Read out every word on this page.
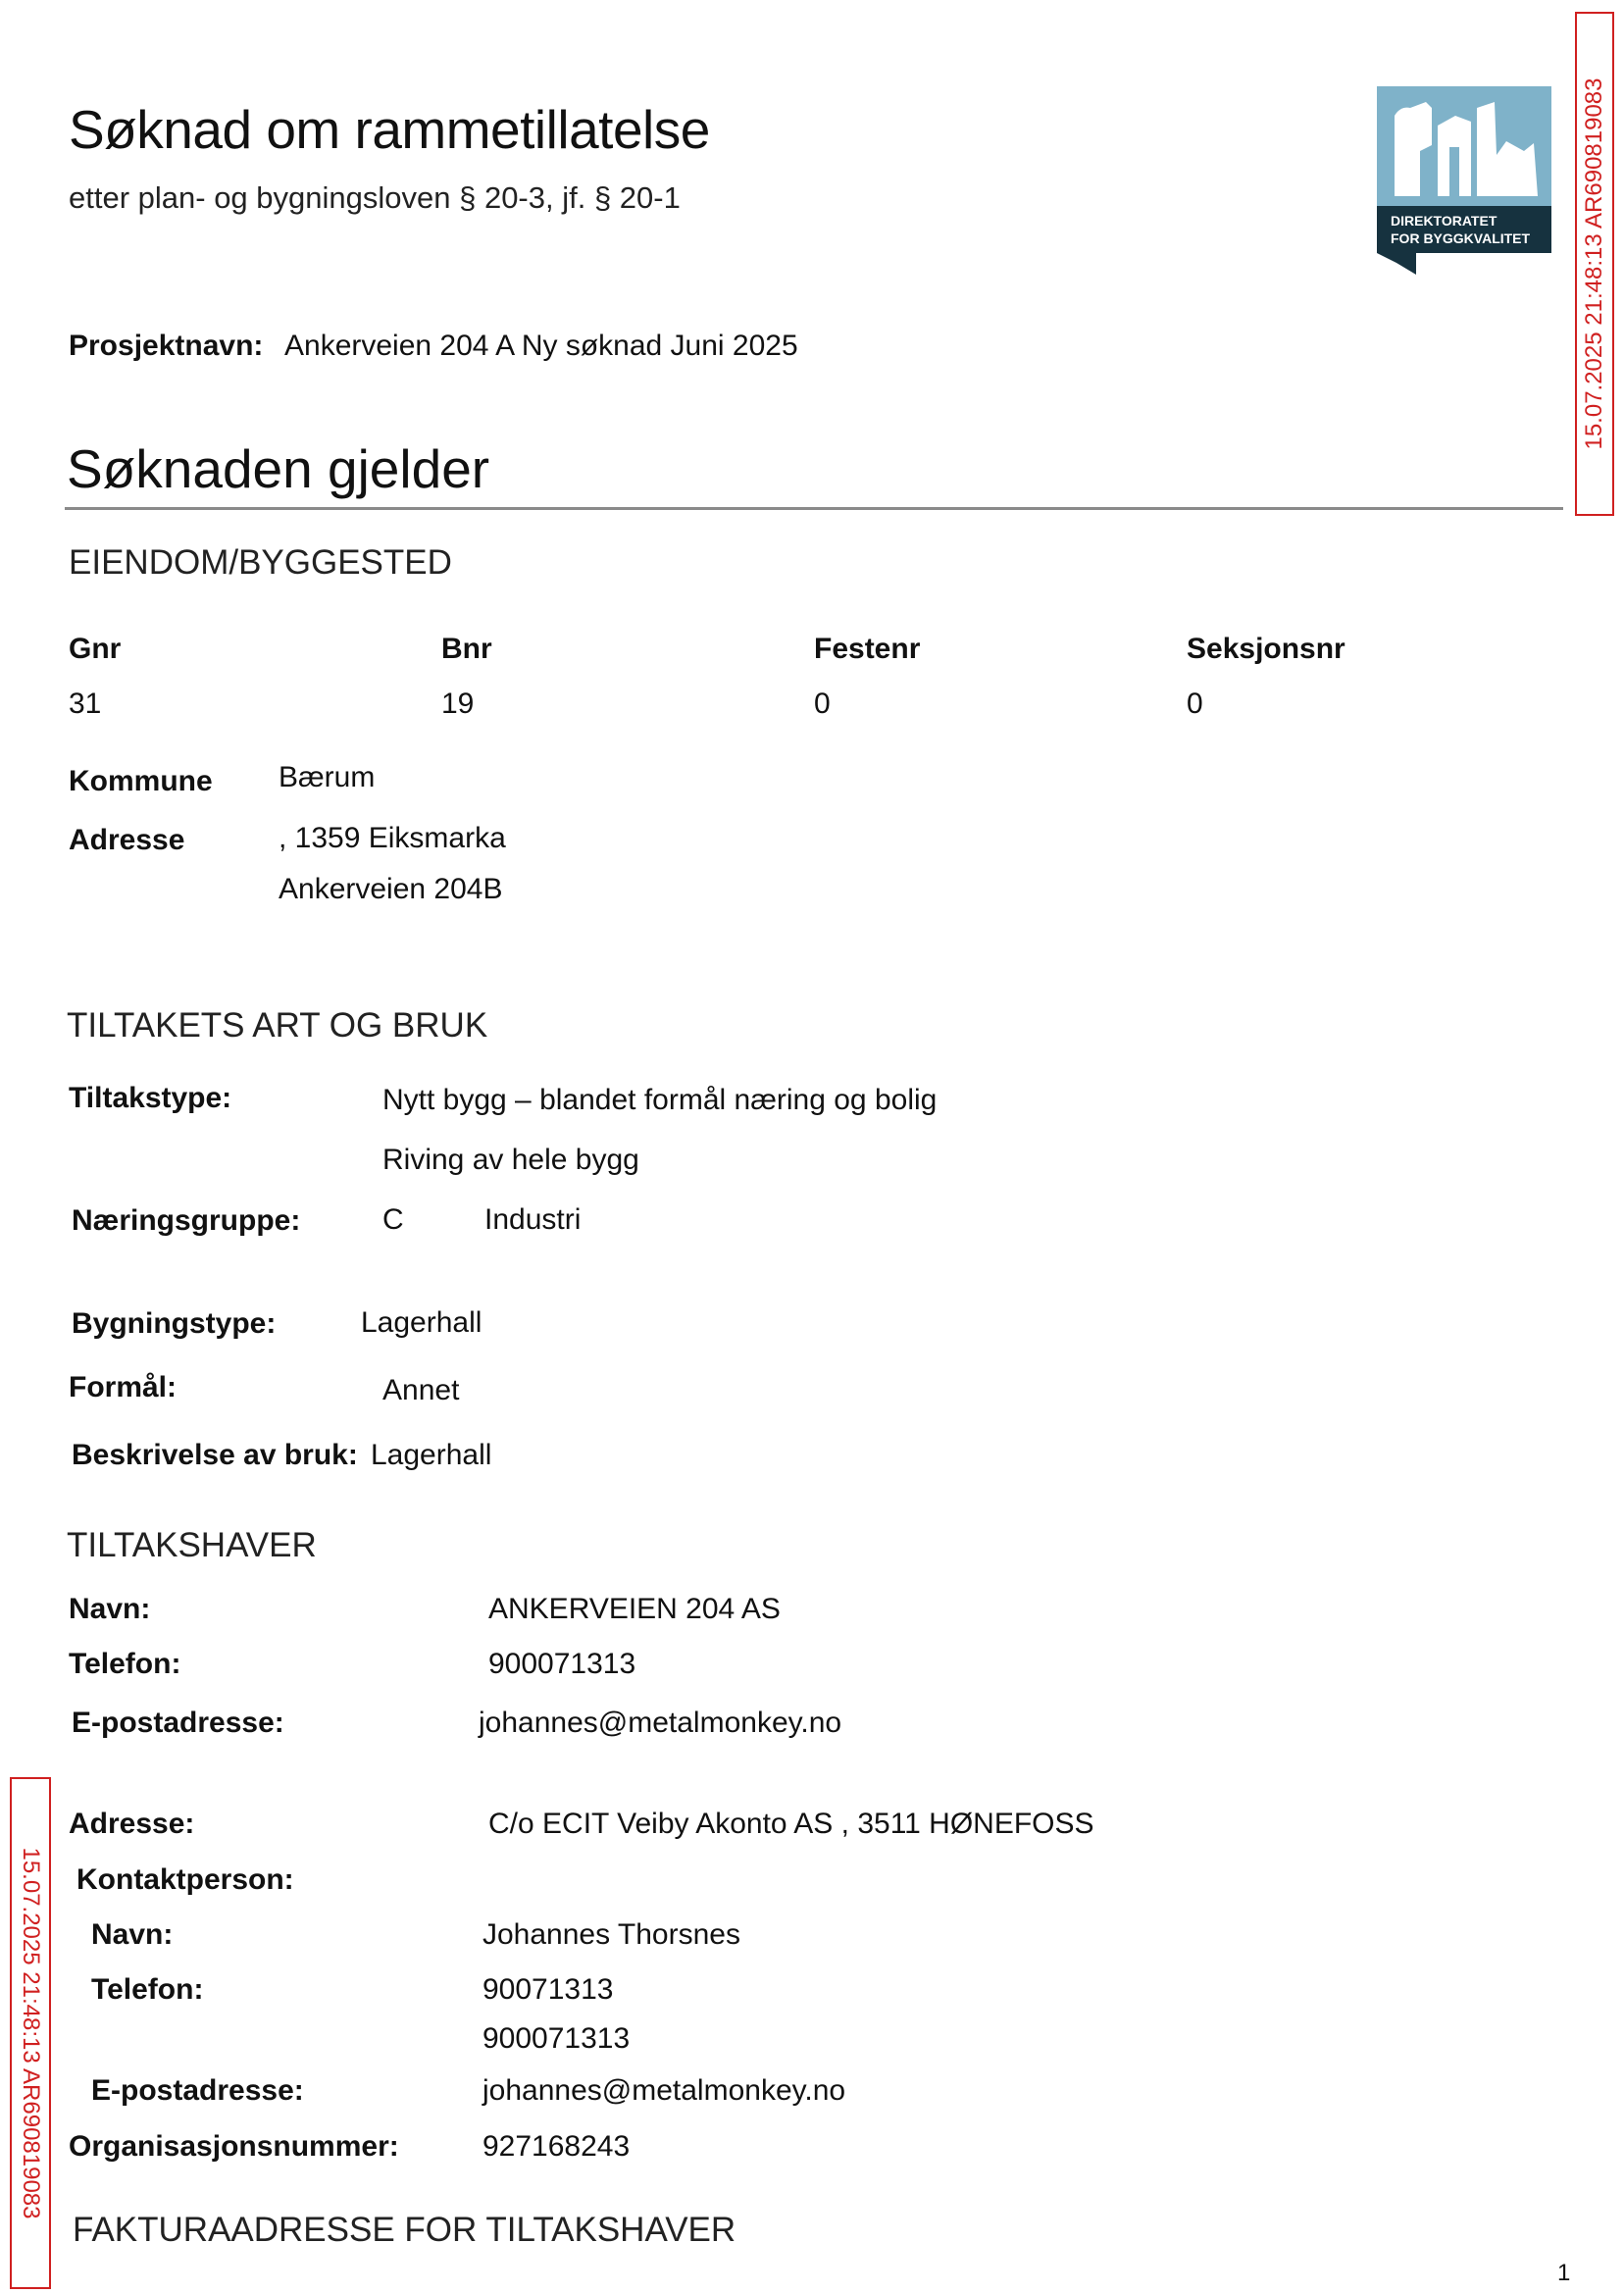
Søknad om rammetillatelse
etter plan- og bygningsloven § 20-3, jf. § 20-1
DIREKTORATET
FOR BYGGKVALITET 15.07.2025 21:48:13 AR690819083
Prosjektnavn: Ankerveien 204 A Ny søknad Juni 2025
Søknaden gjelder
EIENDOM/BYGGESTED
Gnr	Bnr	Festenr	Seksjonsnr
31	19	0	0
Kommune Bærum
Adresse	, 1359 Eiksmarka
Ankerveien 204B
TILTAKETS ART OG BRUK
Tiltakstype:	Nytt bygg – blandet formål næring og bolig
Riving av hele bygg
Næringsgruppe:	C	Industri
Bygningstype:	Lagerhall
Formål:	Annet
Beskrivelse av bruk: Lagerhall
TILTAKSHAVER
Navn:	ANKERVEIEN 204 AS
Telefon:	900071313
E-postadresse:	johannes@metalmonkey.no
Adresse:	C/o ECIT Veiby Akonto AS , 3511 HØNEFOSS
Kontaktperson:
Navn:	Johannes Thorsnes
Telefon:	90071313
900071313
E-postadresse:	johannes@metalmonkey.no
Organisasjonsnummer:	927168243
FAKTURAADRESSE FOR TILTAKSHAVER
15.07.2025 21:48:13 AR690819083
1
